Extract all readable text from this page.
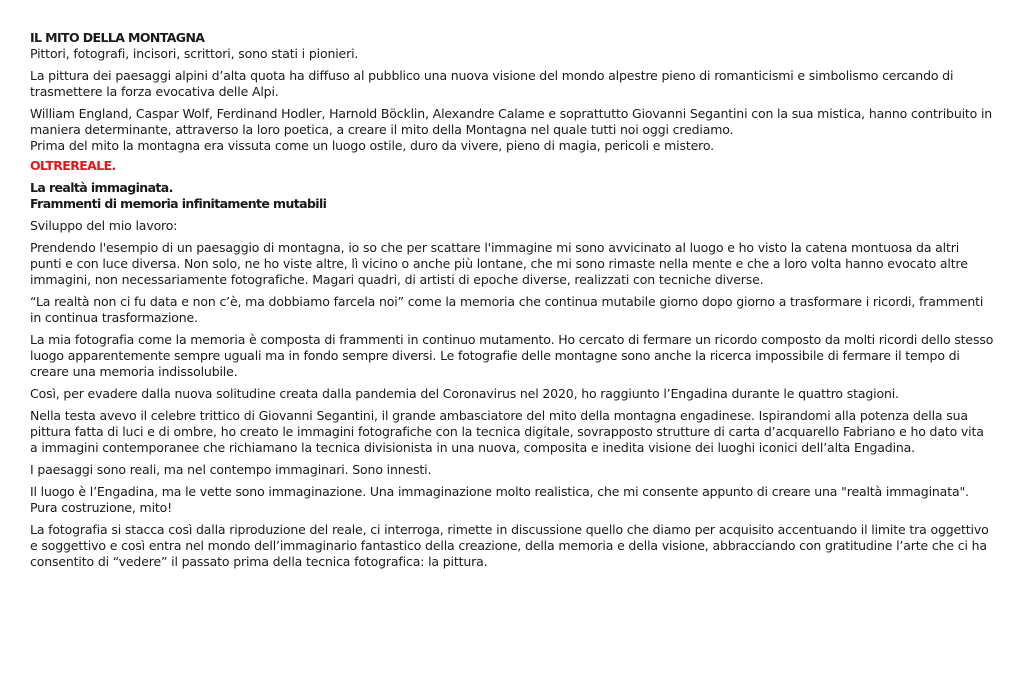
IL MITO DELLA MONTAGNA

Pittori, fotografi, incisori, scrittori, sono stati i pionieri.

La pittura dei paesaggi alpini d’alta quota ha diffuso al pubblico una nuova visione del mondo alpestre pieno di romanticismi e simbolismo cercando di trasmettere la forza evocativa delle Alpi.

William England, Caspar Wolf, Ferdinand Hodler, Harnold Böcklin, Alexandre Calame e soprattutto Giovanni Segantini con la sua mistica, hanno contribuito in maniera determinante, attraverso la loro poetica, a creare il mito della Montagna nel quale tutti noi oggi crediamo.

Prima del mito la montagna era vissuta come un luogo ostile, duro da vivere, pieno di magia, pericoli e mistero.

OLTREREALE.

La realtà immaginata.

Frammenti di memoria infinitamente mutabili

Sviluppo del mio lavoro:

Prendendo l'esempio di un paesaggio di montagna, io so che per scattare l'immagine mi sono avvicinato al luogo e ho visto la catena montuosa da altri punti e con luce diversa. Non solo, ne ho viste altre, lì vicino o anche più lontane, che mi sono rimaste nella mente e che a loro volta hanno evocato altre immagini, non necessariamente fotografiche. Magari quadri, di artisti di epoche diverse, realizzati con tecniche diverse.

“La realtà non ci fu data e non c’è, ma dobbiamo farcela noi” come la memoria che continua mutabile giorno dopo giorno a trasformare i ricordi, frammenti in continua trasformazione.

La mia fotografia come la memoria è composta di frammenti in continuo mutamento. Ho cercato di fermare un ricordo composto da molti ricordi dello stesso luogo apparentemente sempre uguali ma in fondo sempre diversi. Le fotografie delle montagne sono anche la ricerca impossibile di fermare il tempo di creare una memoria indissolubile.

Così, per evadere dalla nuova solitudine creata dalla pandemia del Coronavirus nel 2020, ho raggiunto l’Engadina durante le quattro stagioni.

Nella testa avevo il celebre trittico di Giovanni Segantini, il grande ambasciatore del mito della montagna engadinese. Ispirandomi alla potenza della sua pittura fatta di luci e di ombre, ho creato le immagini fotografiche con la tecnica digitale, sovrapposto strutture di carta d’acquarello Fabriano e ho dato vita a immagini contemporanee che richiamano la tecnica divisionista in una nuova, composita e inedita visione dei luoghi iconici dell’alta Engadina.

I paesaggi sono reali, ma nel contempo immaginari. Sono innesti.

Il luogo è l’Engadina, ma le vette sono immaginazione. Una immaginazione molto realistica, che mi consente appunto di creare una "realtà immaginata". Pura costruzione, mito!

La fotografia si stacca così dalla riproduzione del reale, ci interroga, rimette in discussione quello che diamo per acquisito accentuando il limite tra oggettivo e soggettivo e così entra nel mondo dell’immaginario fantastico della creazione, della memoria e della visione, abbracciando con gratitudine l’arte che ci ha consentito di “vedere” il passato prima della tecnica fotografica: la pittura.
